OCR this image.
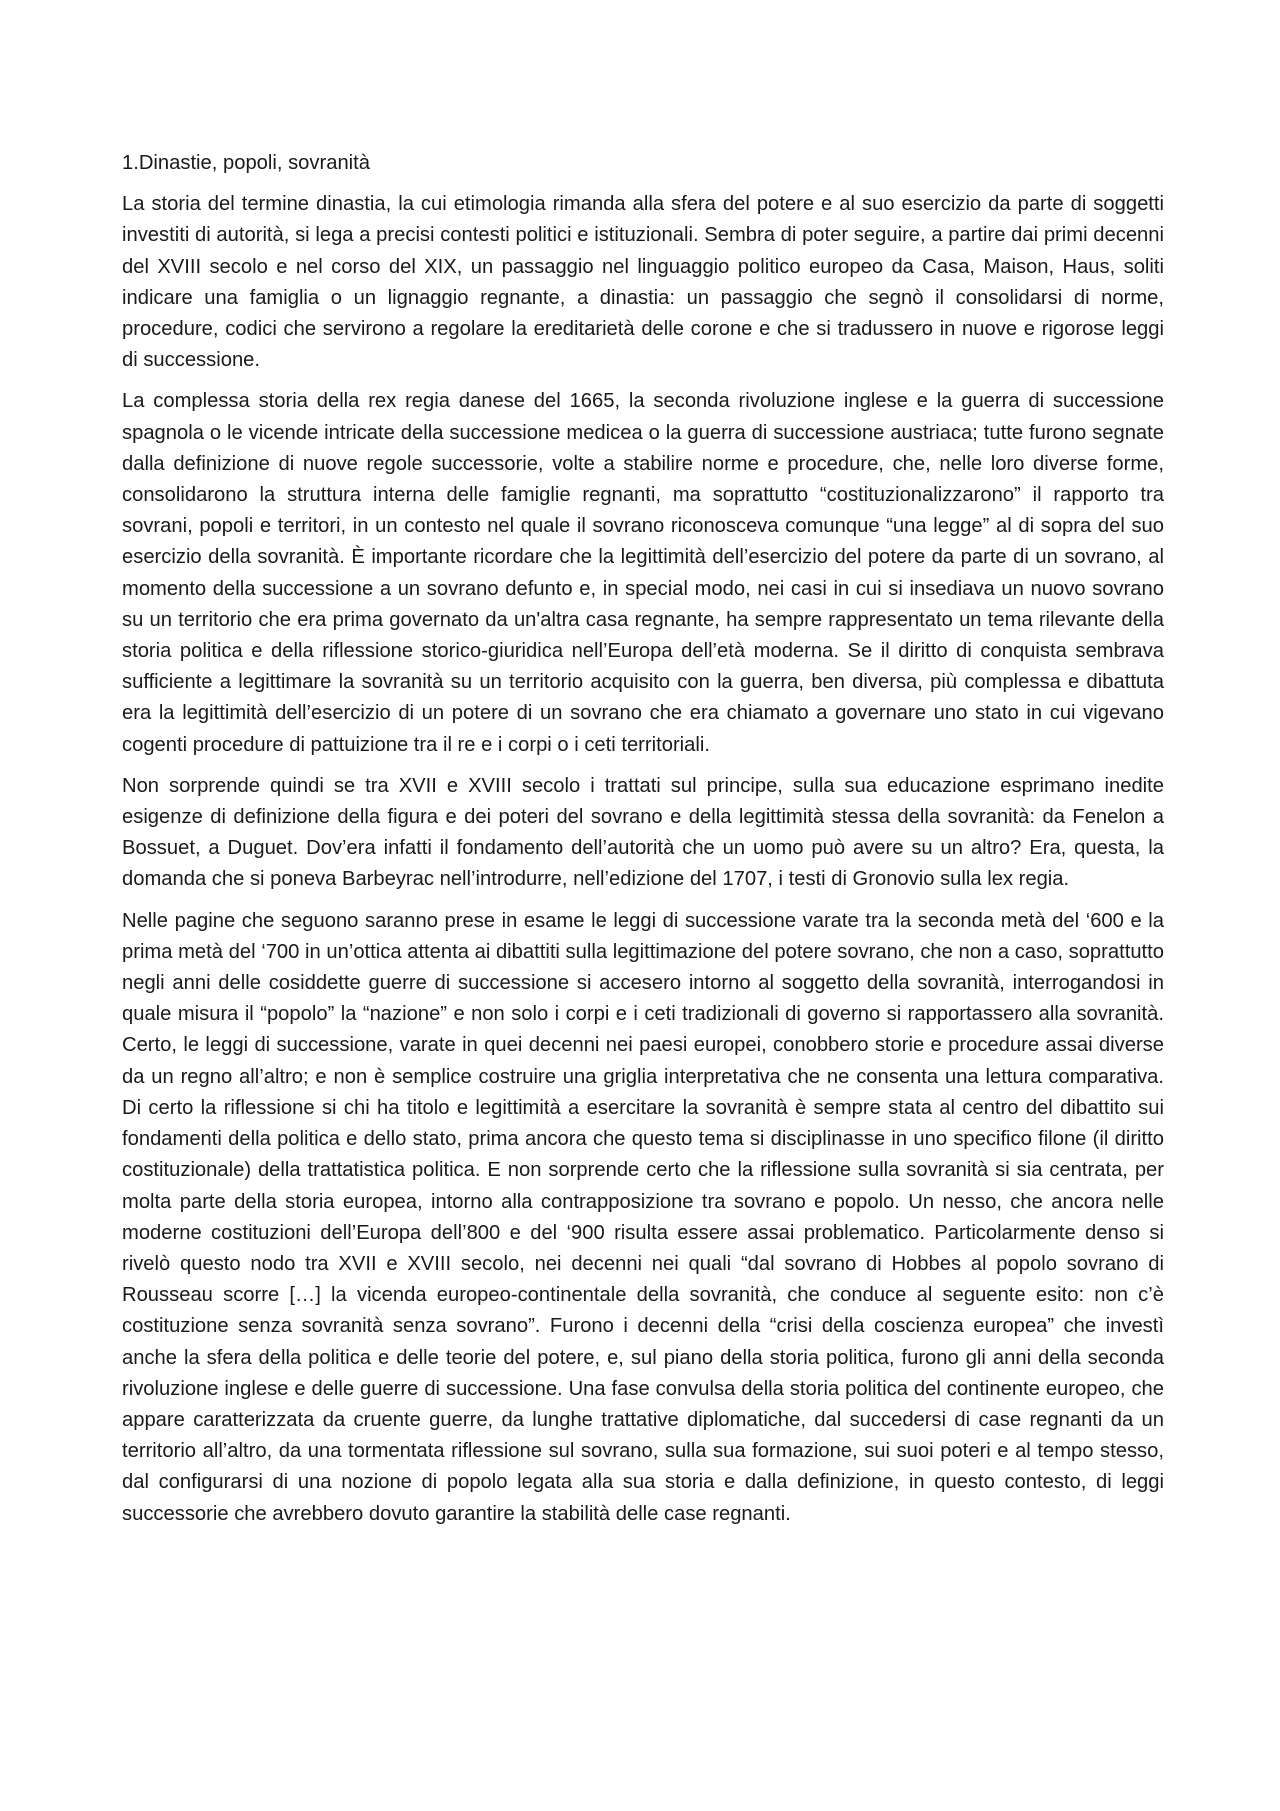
1.Dinastie, popoli, sovranità

La storia del termine dinastia, la cui etimologia rimanda alla sfera del potere e al suo esercizio da parte di soggetti investiti di autorità, si lega a precisi contesti politici e istituzionali. Sembra di poter seguire, a partire dai primi decenni del XVIII secolo e nel corso del XIX, un passaggio nel linguaggio politico europeo da Casa, Maison, Haus, soliti indicare una famiglia o un lignaggio regnante, a dinastia: un passaggio che segnò il consolidarsi di norme, procedure, codici che servirono a regolare la ereditarietà delle corone e che si tradussero in nuove e rigorose leggi di successione.

La complessa storia della rex regia danese del 1665, la seconda rivoluzione inglese e la guerra di successione spagnola o le vicende intricate della successione medicea o la guerra di successione austriaca; tutte furono segnate dalla definizione di nuove regole successorie, volte a stabilire norme e procedure, che, nelle loro diverse forme, consolidarono la struttura interna delle famiglie regnanti, ma soprattutto “costituzionalizzarono” il rapporto tra sovrani, popoli e territori, in un contesto nel quale il sovrano riconosceva comunque “una legge” al di sopra del suo esercizio della sovranità. È importante ricordare che la legittimità dell’esercizio del potere da parte di un sovrano, al momento della successione a un sovrano defunto e, in special modo, nei casi in cui si insediava un nuovo sovrano su un territorio che era prima governato da un'altra casa regnante, ha sempre rappresentato un tema rilevante della storia politica e della riflessione storico-giuridica nell’Europa dell’età moderna. Se il diritto di conquista sembrava sufficiente a legittimare la sovranità su un territorio acquisito con la guerra, ben diversa, più complessa e dibattuta era la legittimità dell’esercizio di un potere di un sovrano che era chiamato a governare uno stato in cui vigevano cogenti procedure di pattuizione tra il re e i corpi o i ceti territoriali.

Non sorprende quindi se tra XVII e XVIII secolo i trattati sul principe, sulla sua educazione esprimano inedite esigenze di definizione della figura e dei poteri del sovrano e della legittimità stessa della sovranità: da Fenelon a Bossuet, a Duguet. Dov’era infatti il fondamento dell’autorità che un uomo può avere su un altro? Era, questa, la domanda che si poneva Barbeyrac nell’introdurre, nell’edizione del 1707, i testi di Gronovio sulla lex regia.

Nelle pagine che seguono saranno prese in esame le leggi di successione varate tra la seconda metà del ‘600 e la prima metà del ‘700 in un’ottica attenta ai dibattiti sulla legittimazione del potere sovrano, che non a caso, soprattutto negli anni delle cosiddette guerre di successione si accesero intorno al soggetto della sovranità, interrogandosi in quale misura il “popolo” la “nazione” e non solo i corpi e i ceti tradizionali di governo si rapportassero alla sovranità. Certo, le leggi di successione, varate in quei decenni nei paesi europei, conobbero storie e procedure assai diverse da un regno all’altro; e non è semplice costruire una griglia interpretativa che ne consenta una lettura comparativa. Di certo la riflessione si chi ha titolo e legittimità a esercitare la sovranità è sempre stata al centro del dibattito sui fondamenti della politica e dello stato, prima ancora che questo tema si disciplinasse in uno specifico filone (il diritto costituzionale) della trattatistica politica. E non sorprende certo che la riflessione sulla sovranità si sia centrata, per molta parte della storia europea, intorno alla contrapposizione tra sovrano e popolo. Un nesso, che ancora nelle moderne costituzioni dell’Europa dell’800 e del ‘900 risulta essere assai problematico. Particolarmente denso si rivelò questo nodo tra XVII e XVIII secolo, nei decenni nei quali “dal sovrano di Hobbes al popolo sovrano di Rousseau scorre […] la vicenda europeo-continentale della sovranità, che conduce al seguente esito: non c’è costituzione senza sovranità senza sovrano”. Furono i decenni della “crisi della coscienza europea” che investì anche la sfera della politica e delle teorie del potere, e, sul piano della storia politica, furono gli anni della seconda rivoluzione inglese e delle guerre di successione. Una fase convulsa della storia politica del continente europeo, che appare caratterizzata da cruente guerre, da lunghe trattative diplomatiche, dal succedersi di case regnanti da un territorio all’altro, da una tormentata riflessione sul sovrano, sulla sua formazione, sui suoi poteri e al tempo stesso, dal configurarsi di una nozione di popolo legata alla sua storia e dalla definizione, in questo contesto, di leggi successorie che avrebbero dovuto garantire la stabilità delle case regnanti.
